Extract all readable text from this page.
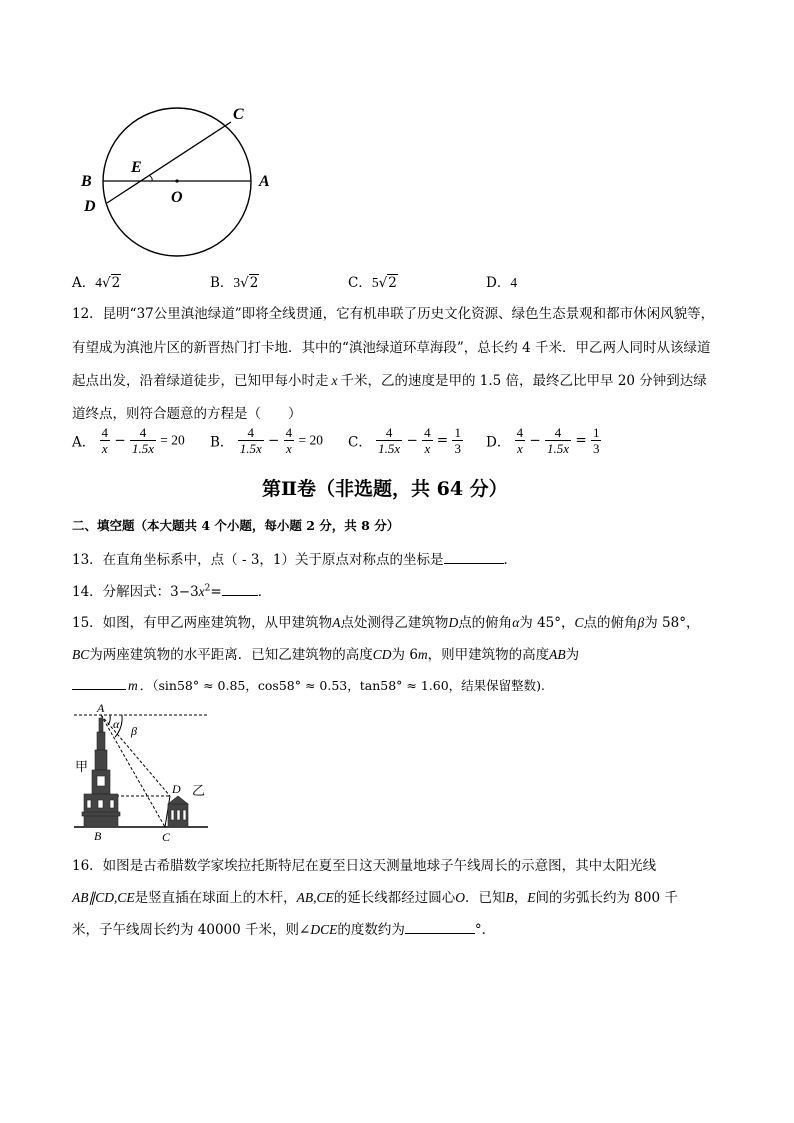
C
E
B	A
D
O
A．4√2	B．3√2	C．5√2	D．4
12．昆明“37公里滇池绿道”即将全线贯通，它有机串联了历史文化资源、绿色生态景观和都市休闲风貌等，
有望成为滇池片区的新晋热门打卡地．其中的“滇池绿道环草海段”，总长约 4 千米．甲乙两人同时从该绿道
起点出发，沿着绿道徒步，已知甲每小时走 x 千米，乙的速度是甲的 1.5 倍，最终乙比甲早 20 分钟到达绿
道终点，则符合题意的方程是（　　）
A． $\frac{4}{x} - \frac{4}{1.5x} = 20$ B． $\frac{4}{1.5x} - \frac{4}{x} = 20$ C． $\frac{4}{1.5x} - \frac{4}{x} = \frac{1}{3}$ D． $\frac{4}{x} - \frac{4}{1.5x} = \frac{1}{3}$
第Ⅱ卷（非选题，共 64 分）
二、填空题（本大题共 4 个小题，每小题 2 分，共 8 分）
13．在直角坐标系中，点（ - 3，1）关于原点对称点的坐标是	．
14．分解因式：$3-3x^2=$	．
15．如图，有甲乙两座建筑物，从甲建筑物A点处测得乙建筑物D点的俯角α为 45°，C点的俯角β为 58°，
BC为两座建筑物的水平距离．已知乙建筑物的高度CD为 6m，则甲建筑物的高度AB为
m ．（sin58° ≈ 0.85，cos58° ≈ 0.53，tan58° ≈ 1.60，结果保留整数).
A
α β
甲
乙
D
B	C
16．如图是古希腊数学家埃拉托斯特尼在夏至日这天测量地球子午线周长的示意图，其中太阳光线
AB∥CD,CE是竖直插在球面上的木杆，AB,CE的延长线都经过圆心O．已知B，E间的劣弧长约为 800 千
米，子午线周长约为 40000 千米，则∠DCE的度数约为	°．
